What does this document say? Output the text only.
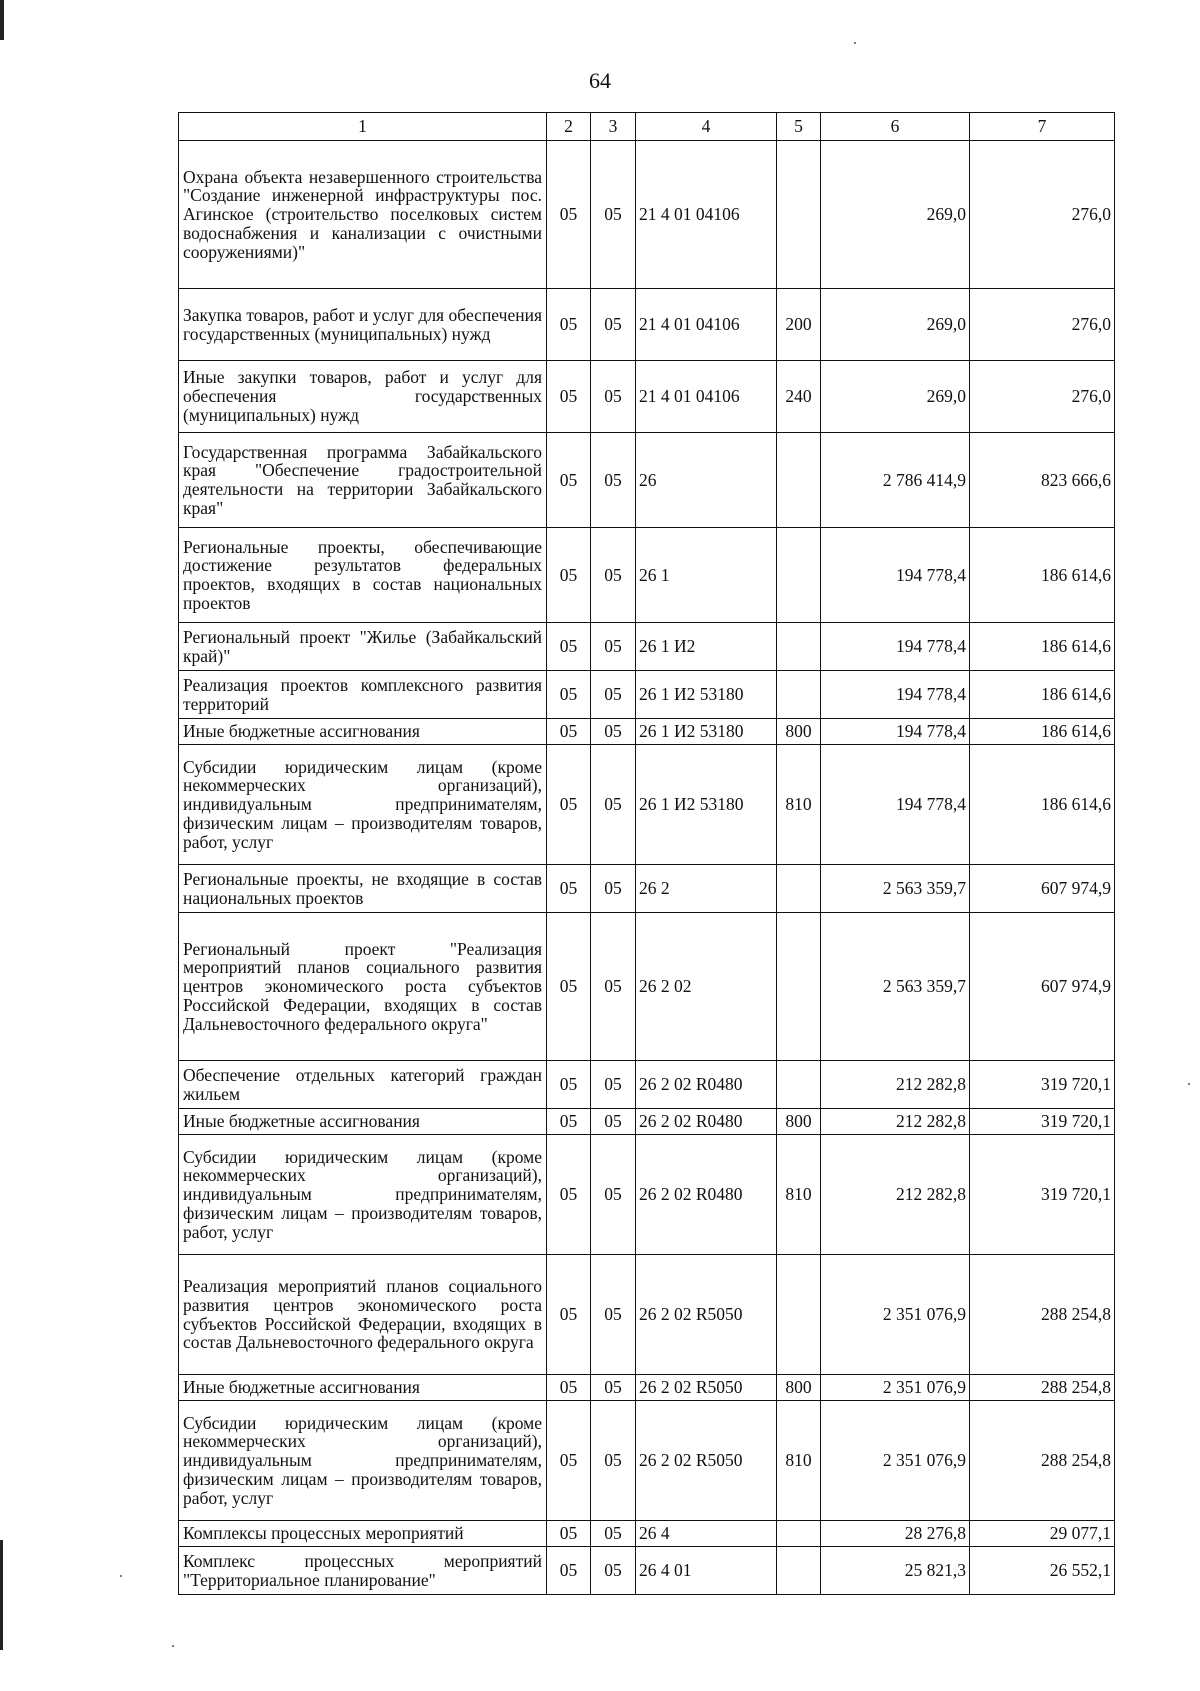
64
1	2	3	4	5	6	7
Охрана объекта незавершенного строительства "Создание инженерной инфраструктуры пос. Агинское (строительство поселковых систем водоснабжения и канализации с очистными сооружениями)"	05	05	21 4 01 04106		269,0	276,0
Закупка товаров, работ и услуг для обеспечения государственных (муниципальных) нужд	05	05	21 4 01 04106	200	269,0	276,0
Иные закупки товаров, работ и услуг для обеспечения государственных (муниципальных) нужд	05	05	21 4 01 04106	240	269,0	276,0
Государственная программа Забайкальского края "Обеспечение градостроительной деятельности на территории Забайкальского края"	05	05	26		2 786 414,9	823 666,6
Региональные проекты, обеспечивающие достижение результатов федеральных проектов, входящих в состав национальных проектов	05	05	26 1		194 778,4	186 614,6
Региональный проект "Жилье (Забайкальский край)"	05	05	26 1 И2		194 778,4	186 614,6
Реализация проектов комплексного развития территорий	05	05	26 1 И2 53180		194 778,4	186 614,6
Иные бюджетные ассигнования	05	05	26 1 И2 53180	800	194 778,4	186 614,6
Субсидии юридическим лицам (кроме некоммерческих организаций), индивидуальным предпринимателям, физическим лицам – производителям товаров, работ, услуг	05	05	26 1 И2 53180	810	194 778,4	186 614,6
Региональные проекты, не входящие в состав национальных проектов	05	05	26 2		2 563 359,7	607 974,9
Региональный проект "Реализация мероприятий планов социального развития центров экономического роста субъектов Российской Федерации, входящих в состав Дальневосточного федерального округа"	05	05	26 2 02		2 563 359,7	607 974,9
Обеспечение отдельных категорий граждан жильем	05	05	26 2 02 R0480		212 282,8	319 720,1
Иные бюджетные ассигнования	05	05	26 2 02 R0480	800	212 282,8	319 720,1
Субсидии юридическим лицам (кроме некоммерческих организаций), индивидуальным предпринимателям, физическим лицам – производителям товаров, работ, услуг	05	05	26 2 02 R0480	810	212 282,8	319 720,1
Реализация мероприятий планов социального развития центров экономического роста субъектов Российской Федерации, входящих в состав Дальневосточного федерального округа	05	05	26 2 02 R5050		2 351 076,9	288 254,8
Иные бюджетные ассигнования	05	05	26 2 02 R5050	800	2 351 076,9	288 254,8
Субсидии юридическим лицам (кроме некоммерческих организаций), индивидуальным предпринимателям, физическим лицам – производителям товаров, работ, услуг	05	05	26 2 02 R5050	810	2 351 076,9	288 254,8
Комплексы процессных мероприятий	05	05	26 4		28 276,8	29 077,1
Комплекс процессных мероприятий "Территориальное планирование"	05	05	26 4 01		25 821,3	26 552,1
